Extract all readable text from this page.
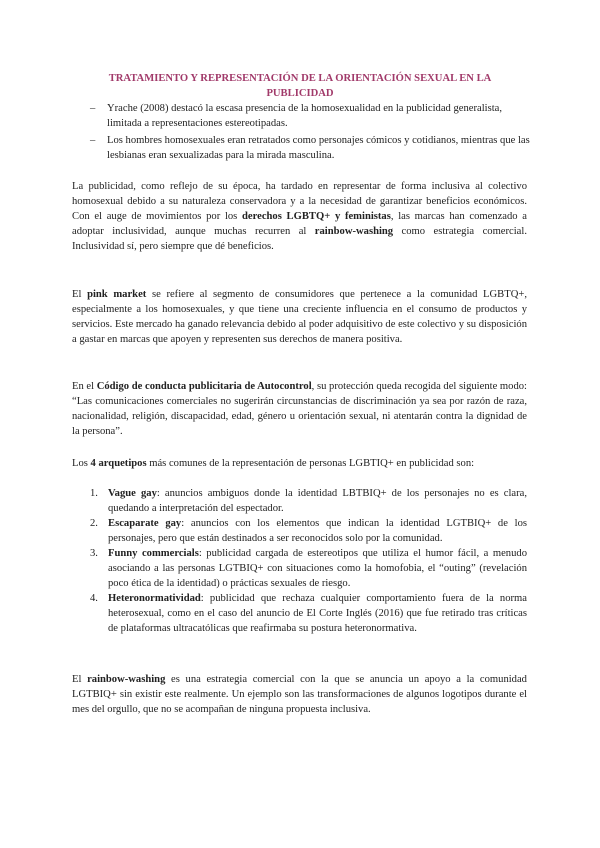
TRATAMIENTO Y REPRESENTACIÓN DE LA ORIENTACIÓN SEXUAL EN LA PUBLICIDAD
– Yrache (2008) destacó la escasa presencia de la homosexualidad en la publicidad generalista, limitada a representaciones estereotipadas.
– Los hombres homosexuales eran retratados como personajes cómicos y cotidianos, mientras que las lesbianas eran sexualizadas para la mirada masculina.
La publicidad, como reflejo de su época, ha tardado en representar de forma inclusiva al colectivo homosexual debido a su naturaleza conservadora y a la necesidad de garantizar beneficios económicos. Con el auge de movimientos por los derechos LGBTQ+ y feministas, las marcas han comenzado a adoptar inclusividad, aunque muchas recurren al rainbow-washing como estrategia comercial. Inclusividad sí, pero siempre que dé beneficios.
El pink market se refiere al segmento de consumidores que pertenece a la comunidad LGBTQ+, especialmente a los homosexuales, y que tiene una creciente influencia en el consumo de productos y servicios. Este mercado ha ganado relevancia debido al poder adquisitivo de este colectivo y su disposición a gastar en marcas que apoyen y representen sus derechos de manera positiva.
En el Código de conducta publicitaria de Autocontrol, su protección queda recogida del siguiente modo: “Las comunicaciones comerciales no sugerirán circunstancias de discriminación ya sea por razón de raza, nacionalidad, religión, discapacidad, edad, género u orientación sexual, ni atentarán contra la dignidad de la persona”.
Los 4 arquetipos más comunes de la representación de personas LGBTIQ+ en publicidad son:
1. Vague gay: anuncios ambiguos donde la identidad LBTBIQ+ de los personajes no es clara, quedando a interpretación del espectador.
2. Escaparate gay: anuncios con los elementos que indican la identidad LGTBIQ+ de los personajes, pero que están destinados a ser reconocidos solo por la comunidad.
3. Funny commercials: publicidad cargada de estereotipos que utiliza el humor fácil, a menudo asociando a las personas LGTBIQ+ con situaciones como la homofobia, el “outing” (revelación poco ética de la identidad) o prácticas sexuales de riesgo.
4. Heteronormatividad: publicidad que rechaza cualquier comportamiento fuera de la norma heterosexual, como en el caso del anuncio de El Corte Inglés (2016) que fue retirado tras críticas de plataformas ultracatólicas que reafirmaba su postura heteronormativa.
El rainbow-washing es una estrategia comercial con la que se anuncia un apoyo a la comunidad LGTBIQ+ sin existir este realmente. Un ejemplo son las transformaciones de algunos logotipos durante el mes del orgullo, que no se acompañan de ninguna propuesta inclusiva.
